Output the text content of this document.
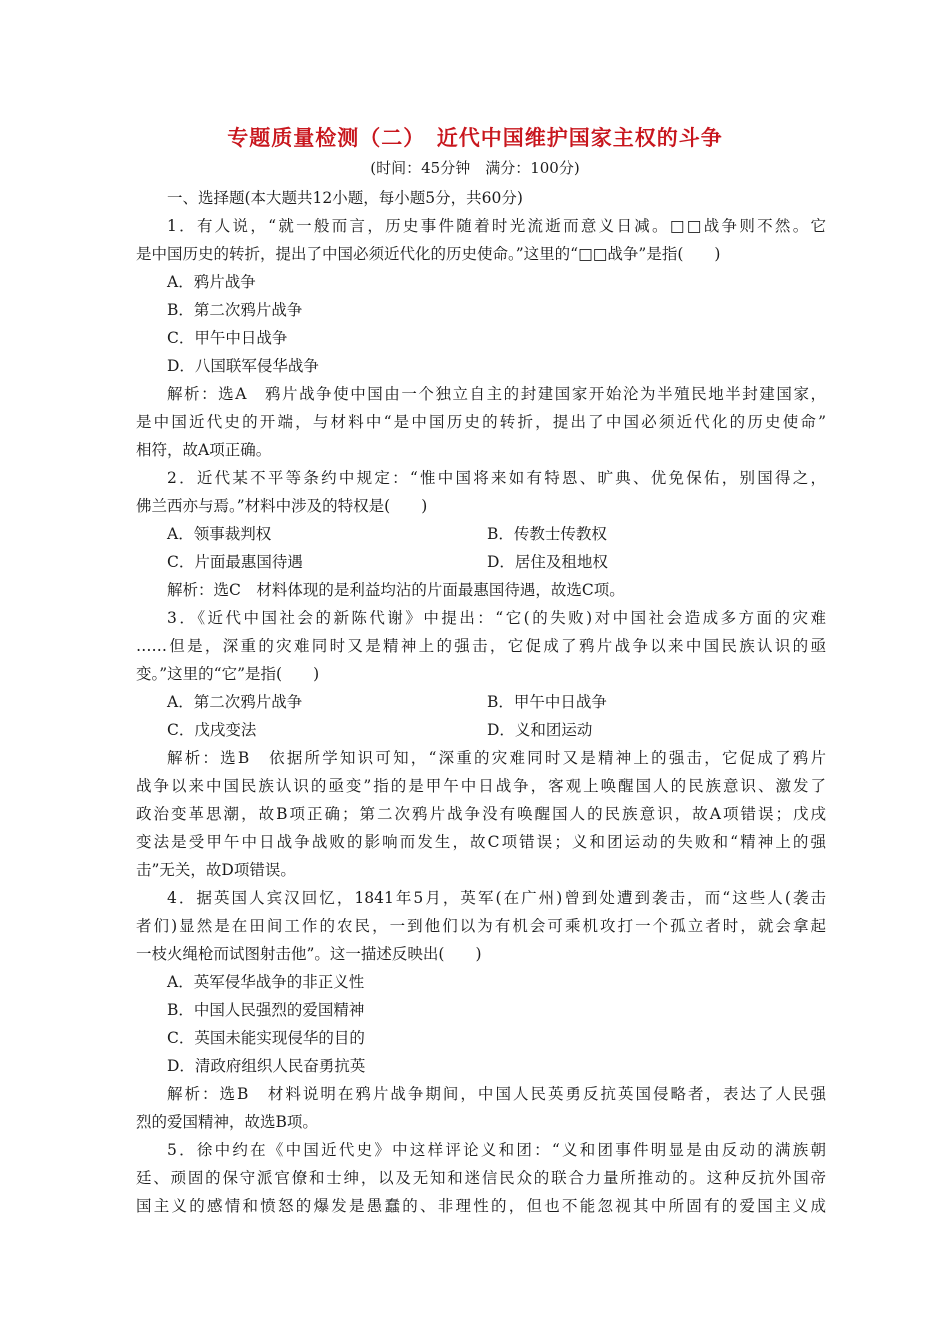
专题质量检测（二）　近代中国维护国家主权的斗争
(时间：45分钟　满分：100分)
一、选择题(本大题共12小题，每小题5分，共60分)
1．有人说，“就一般而言，历史事件随着时光流逝而意义日减。□□战争则不然。它
是中国历史的转折，提出了中国必须近代化的历史使命。”这里的“□□战争”是指(　　)
A．鸦片战争
B．第二次鸦片战争
C．甲午中日战争
D．八国联军侵华战争
解析：选A　鸦片战争使中国由一个独立自主的封建国家开始沦为半殖民地半封建国家，
是中国近代史的开端，与材料中“是中国历史的转折，提出了中国必须近代化的历史使命”
相符，故A项正确。
2．近代某不平等条约中规定：“惟中国将来如有特恩、旷典、优免保佑，别国得之，
佛兰西亦与焉。”材料中涉及的特权是(　　)
A．领事裁判权	B．传教士传教权
C．片面最惠国待遇	D．居住及租地权
解析：选C　材料体现的是利益均沾的片面最惠国待遇，故选C项。
3．《近代中国社会的新陈代谢》中提出：“它(的失败)对中国社会造成多方面的灾难
……但是，深重的灾难同时又是精神上的强击，它促成了鸦片战争以来中国民族认识的亟
变。”这里的“它”是指(　　)
A．第二次鸦片战争	B．甲午中日战争
C．戊戌变法	D．义和团运动
解析：选B　依据所学知识可知，“深重的灾难同时又是精神上的强击，它促成了鸦片
战争以来中国民族认识的亟变”指的是甲午中日战争，客观上唤醒国人的民族意识、激发了
政治变革思潮，故B项正确；第二次鸦片战争没有唤醒国人的民族意识，故A项错误；戊戌
变法是受甲午中日战争战败的影响而发生，故C项错误；义和团运动的失败和“精神上的强
击”无关，故D项错误。
4．据英国人宾汉回忆，1841年5月，英军(在广州)曾到处遭到袭击，而“这些人(袭击
者们)显然是在田间工作的农民，一到他们以为有机会可乘机攻打一个孤立者时，就会拿起
一枝火绳枪而试图射击他”。这一描述反映出(　　)
A．英军侵华战争的非正义性
B．中国人民强烈的爱国精神
C．英国未能实现侵华的目的
D．清政府组织人民奋勇抗英
解析：选B　材料说明在鸦片战争期间，中国人民英勇反抗英国侵略者，表达了人民强
烈的爱国精神，故选B项。
5．徐中约在《中国近代史》中这样评论义和团：“义和团事件明显是由反动的满族朝
廷、顽固的保守派官僚和士绅，以及无知和迷信民众的联合力量所推动的。这种反抗外国帝
国主义的感情和愤怒的爆发是愚蠢的、非理性的，但也不能忽视其中所固有的爱国主义成
